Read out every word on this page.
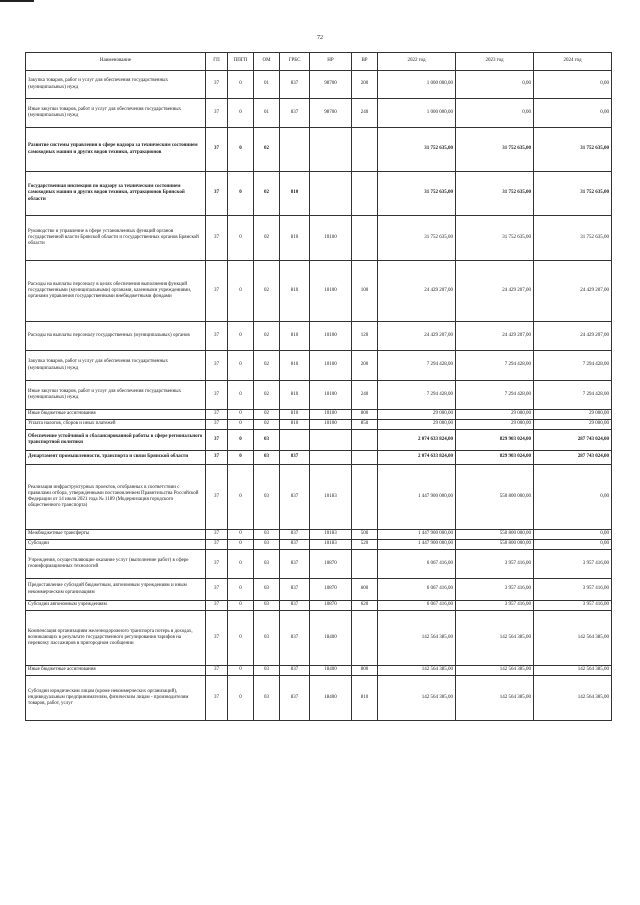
72
Наименование	ГП	ППГП	ОМ	ГРБС	НР	ВР	2022 год	2023 год	2024 год
Закупка товаров, работ и услуг для обеспечения государственных (муниципальных) нужд	37	0	01	837	98700	200	1 000 000,00	0,00	0,00
Иные закупки товаров, работ и услуг для обеспечения государственных (муниципальных) нужд	37	0	01	837	98700	240	1 000 000,00	0,00	0,00
Развитие системы управления в сфере надзора за техническим состоянием самоходных машин и других видов техники, аттракционов	37	0	02				31 752 635,00	31 752 635,00	31 752 635,00
Государственная инспекция по надзору за техническим состоянием самоходных машин и других видов техники, аттракционов Брянской области	37	0	02	810			31 752 635,00	31 752 635,00	31 752 635,00
Руководство и управление в сфере установленных функций органов государственной власти Брянской области и государственных органов Брянской области	37	0	02	810	10100		31 752 635,00	31 752 635,00	31 752 635,00
Расходы на выплаты персоналу в целях обеспечения выполнения функций государственными (муниципальными) органами, казенными учреждениями, органами управления государственными внебюджетными фондами	37	0	02	810	10100	100	24 429 207,00	24 429 207,00	24 429 207,00
Расходы на выплаты персоналу государственных (муниципальных) органов	37	0	02	810	10100	120	24 429 207,00	24 429 207,00	24 429 207,00
Закупка товаров, работ и услуг для обеспечения государственных (муниципальных) нужд	37	0	02	810	10100	200	7 294 428,00	7 294 428,00	7 294 428,00
Иные закупки товаров, работ и услуг для обеспечения государственных (муниципальных) нужд	37	0	02	810	10100	240	7 294 428,00	7 294 428,00	7 294 428,00
Иные бюджетные ассигнования	37	0	02	810	10100	800	29 000,00	29 000,00	29 000,00
Уплата налогов, сборов и иных платежей	37	0	02	810	10100	850	29 000,00	29 000,00	29 000,00
Обеспечение устойчивой и сбалансированной работы в сфере регионального транспортной политики	37	0	03				2 074 633 824,00	829 903 024,00	287 743 024,00
Департамент промышленности, транспорта и связи Брянской области	37	0	03	837			2 074 633 824,00	829 903 024,00	287 743 024,00
Реализация инфраструктурных проектов, отобранных в соответствии с правилами отбора, утвержденными постановлением Правительства Российской Федерации от 14 июля 2021 года № 1189 (Модернизация городского общественного транспорта)	37	0	03	837	10183		1 447 900 000,00	550 800 000,00	0,00
Межбюджетные трансферты	37	0	03	837	10183	500	1 447 900 000,00	550 800 000,00	0,00
Субсидии	37	0	03	837	10183	520	1 447 900 000,00	550 800 000,00	0,00
Учреждения, осуществляющие оказание услуг (выполнение работ) в сфере геоинформационных технологий	37	0	03	837	10870		6 067 416,00	3 957 416,00	3 957 416,00
Предоставление субсидий бюджетным, автономным учреждениям и иным некоммерческим организациям	37	0	03	837	10870	600	6 067 416,00	3 957 416,00	3 957 416,00
Субсидии автономным учреждениям	37	0	03	837	10870	620	6 067 416,00	3 957 416,00	3 957 416,00
Компенсация организациям железнодорожного транспорта потерь в доходах, возникающих в результате государственного регулирования тарифов на перевозку пассажиров в пригородном сообщении	37	0	03	837	18400		142 564 385,00	142 564 385,00	142 564 385,00
Иные бюджетные ассигнования	37	0	03	837	18400	800	142 564 385,00	142 564 385,00	142 564 385,00
Субсидии юридическим лицам (кроме некоммерческих организаций), индивидуальным предпринимателям, физическим лицам - производителям товаров, работ, услуг	37	0	03	837	18400	810	142 564 385,00	142 564 385,00	142 564 385,00
